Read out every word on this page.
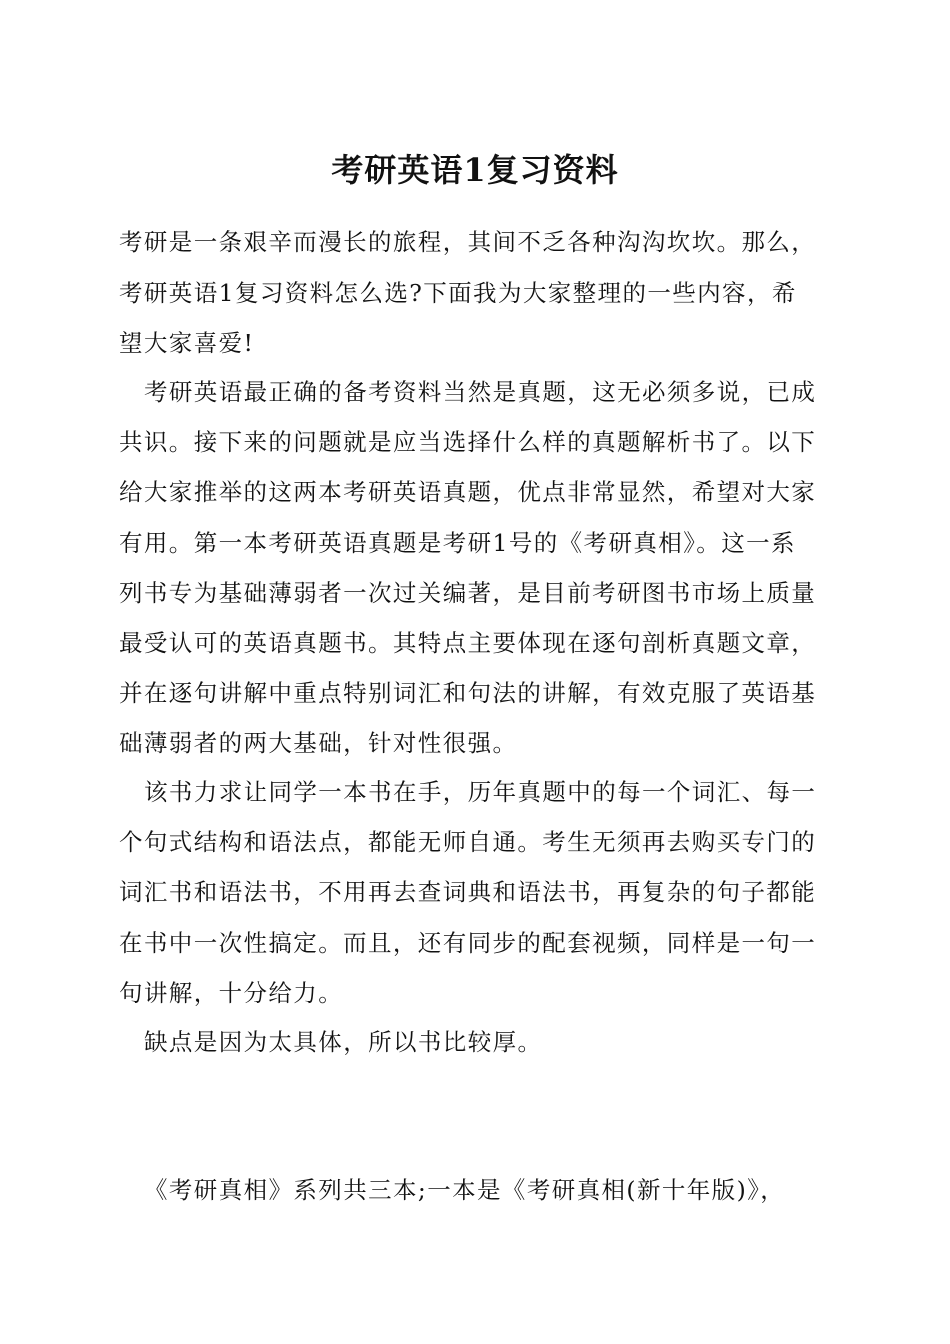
考研英语1复习资料
考研是一条艰辛而漫长的旅程，其间不乏各种沟沟坎坎。那么，
考研英语1复习资料怎么选?下面我为大家整理的一些内容，希
望大家喜爱!
考研英语最正确的备考资料当然是真题，这无必须多说，已成
共识。接下来的问题就是应当选择什么样的真题解析书了。以下
给大家推举的这两本考研英语真题，优点非常显然，希望对大家
有用。第一本考研英语真题是考研1号的《考研真相》。这一系
列书专为基础薄弱者一次过关编著，是目前考研图书市场上质量
最受认可的英语真题书。其特点主要体现在逐句剖析真题文章，
并在逐句讲解中重点特别词汇和句法的讲解，有效克服了英语基
础薄弱者的两大基础，针对性很强。
该书力求让同学一本书在手，历年真题中的每一个词汇、每一
个句式结构和语法点，都能无师自通。考生无须再去购买专门的
词汇书和语法书，不用再去查词典和语法书，再复杂的句子都能
在书中一次性搞定。而且，还有同步的配套视频，同样是一句一
句讲解，十分给力。
缺点是因为太具体，所以书比较厚。
《考研真相》系列共三本;一本是《考研真相(新十年版)》，
